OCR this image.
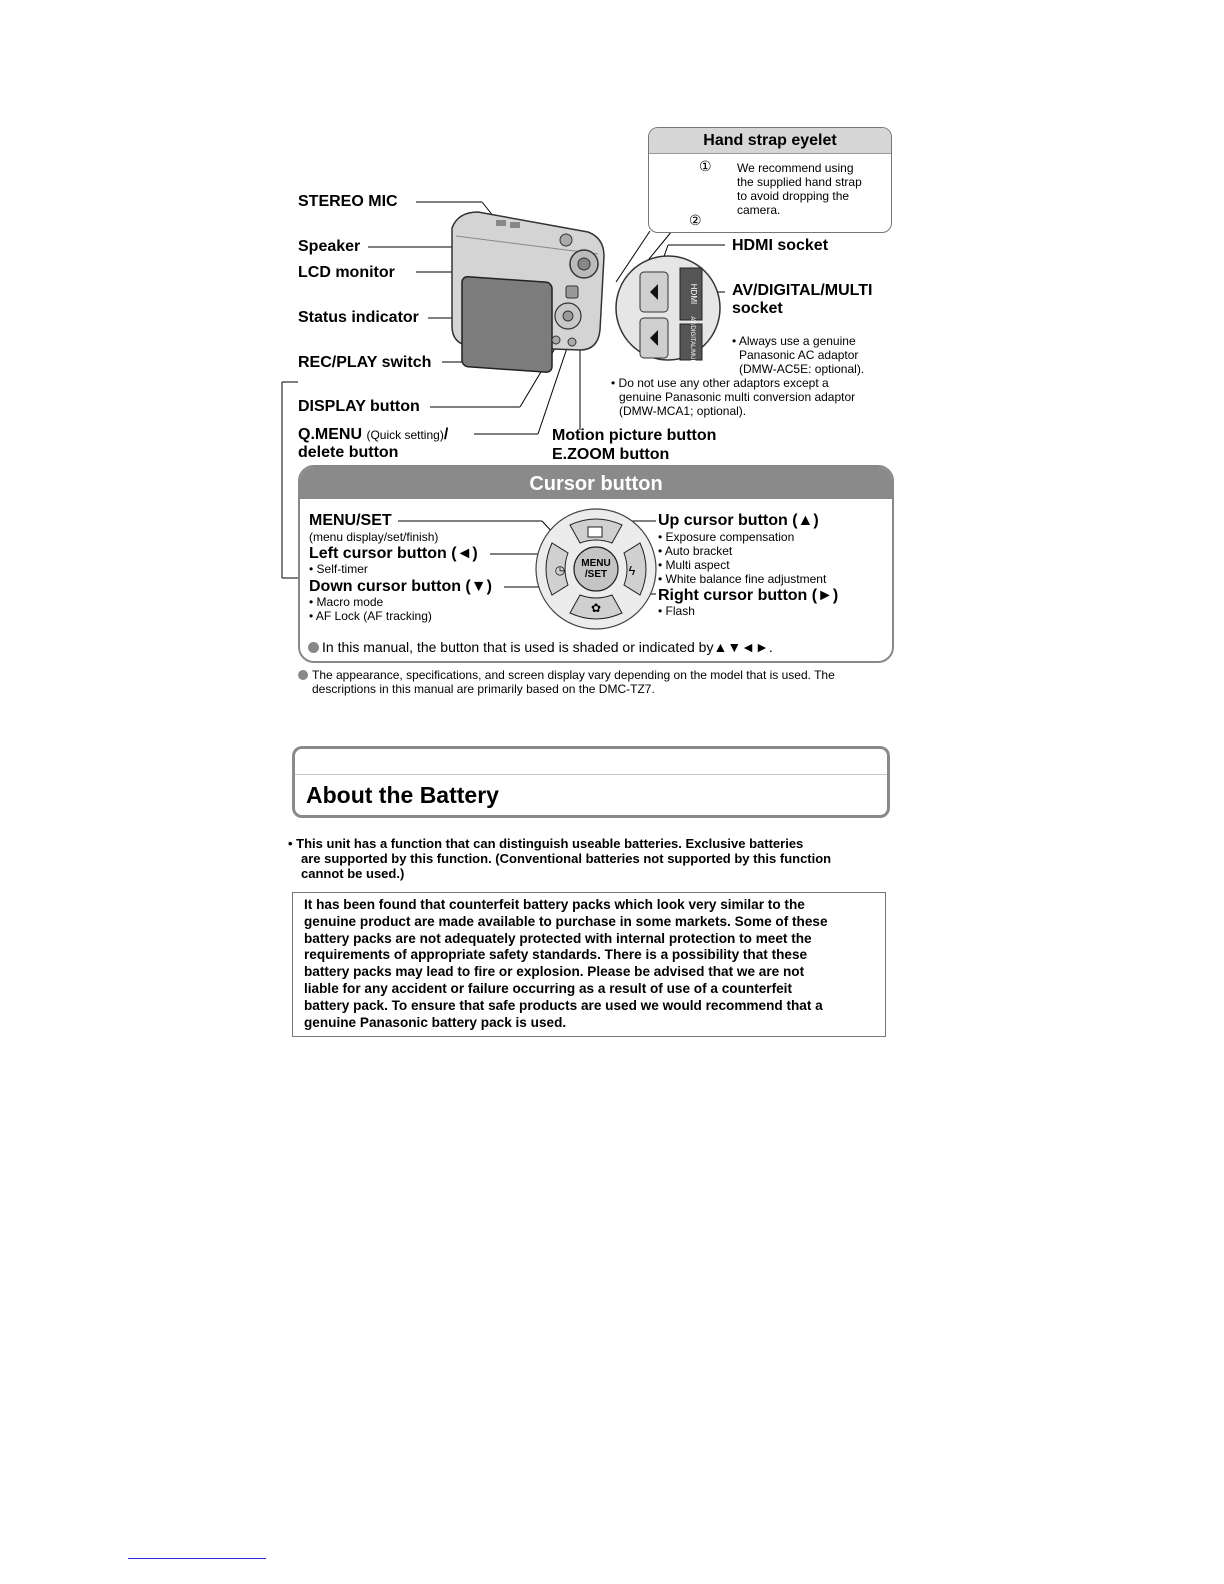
HDMI
AV/DIGITAL/MULTI
Hand strap eyelet
①
②
We recommend using
the supplied hand strap
to avoid dropping the
camera.
STEREO MIC
Speaker
LCD monitor
Status indicator
REC/PLAY switch
DISPLAY button
Q.MENU (Quick setting)/
delete button
Motion picture button
E.ZOOM button
HDMI socket
AV/DIGITAL/MULTI
socket
• Always use a genuine
Panasonic AC adaptor
(DMW-AC5E: optional).
• Do not use any other adaptors except a
genuine Panasonic multi conversion adaptor
(DMW-MCA1; optional).
Cursor button
MENU/SET
(menu display/set/finish)
Left cursor button (◄)
• Self-timer
Down cursor button (▼)
• Macro mode
• AF Lock (AF tracking)
Up cursor button (▲)
• Exposure compensation
• Auto bracket
• Multi aspect
• White balance fine adjustment
Right cursor button (►)
• Flash
In this manual, the button that is used is shaded or indicated by▲▼◄►.
✿
◷	ϟ
MENU
/SET
The appearance, specifications, and screen display vary depending on the model that is used. The
descriptions in this manual are primarily based on the DMC-TZ7.
About the Battery
• This unit has a function that can distinguish useable batteries. Exclusive batteries
are supported by this function. (Conventional batteries not supported by this function
cannot be used.)
It has been found that counterfeit battery packs which look very similar to the
genuine product are made available to purchase in some markets. Some of these
battery packs are not adequately protected with internal protection to meet the
requirements of appropriate safety standards. There is a possibility that these
battery packs may lead to fire or explosion. Please be advised that we are not
liable for any accident or failure occurring as a result of use of a counterfeit
battery pack. To ensure that safe products are used we would recommend that a
genuine Panasonic battery pack is used.
